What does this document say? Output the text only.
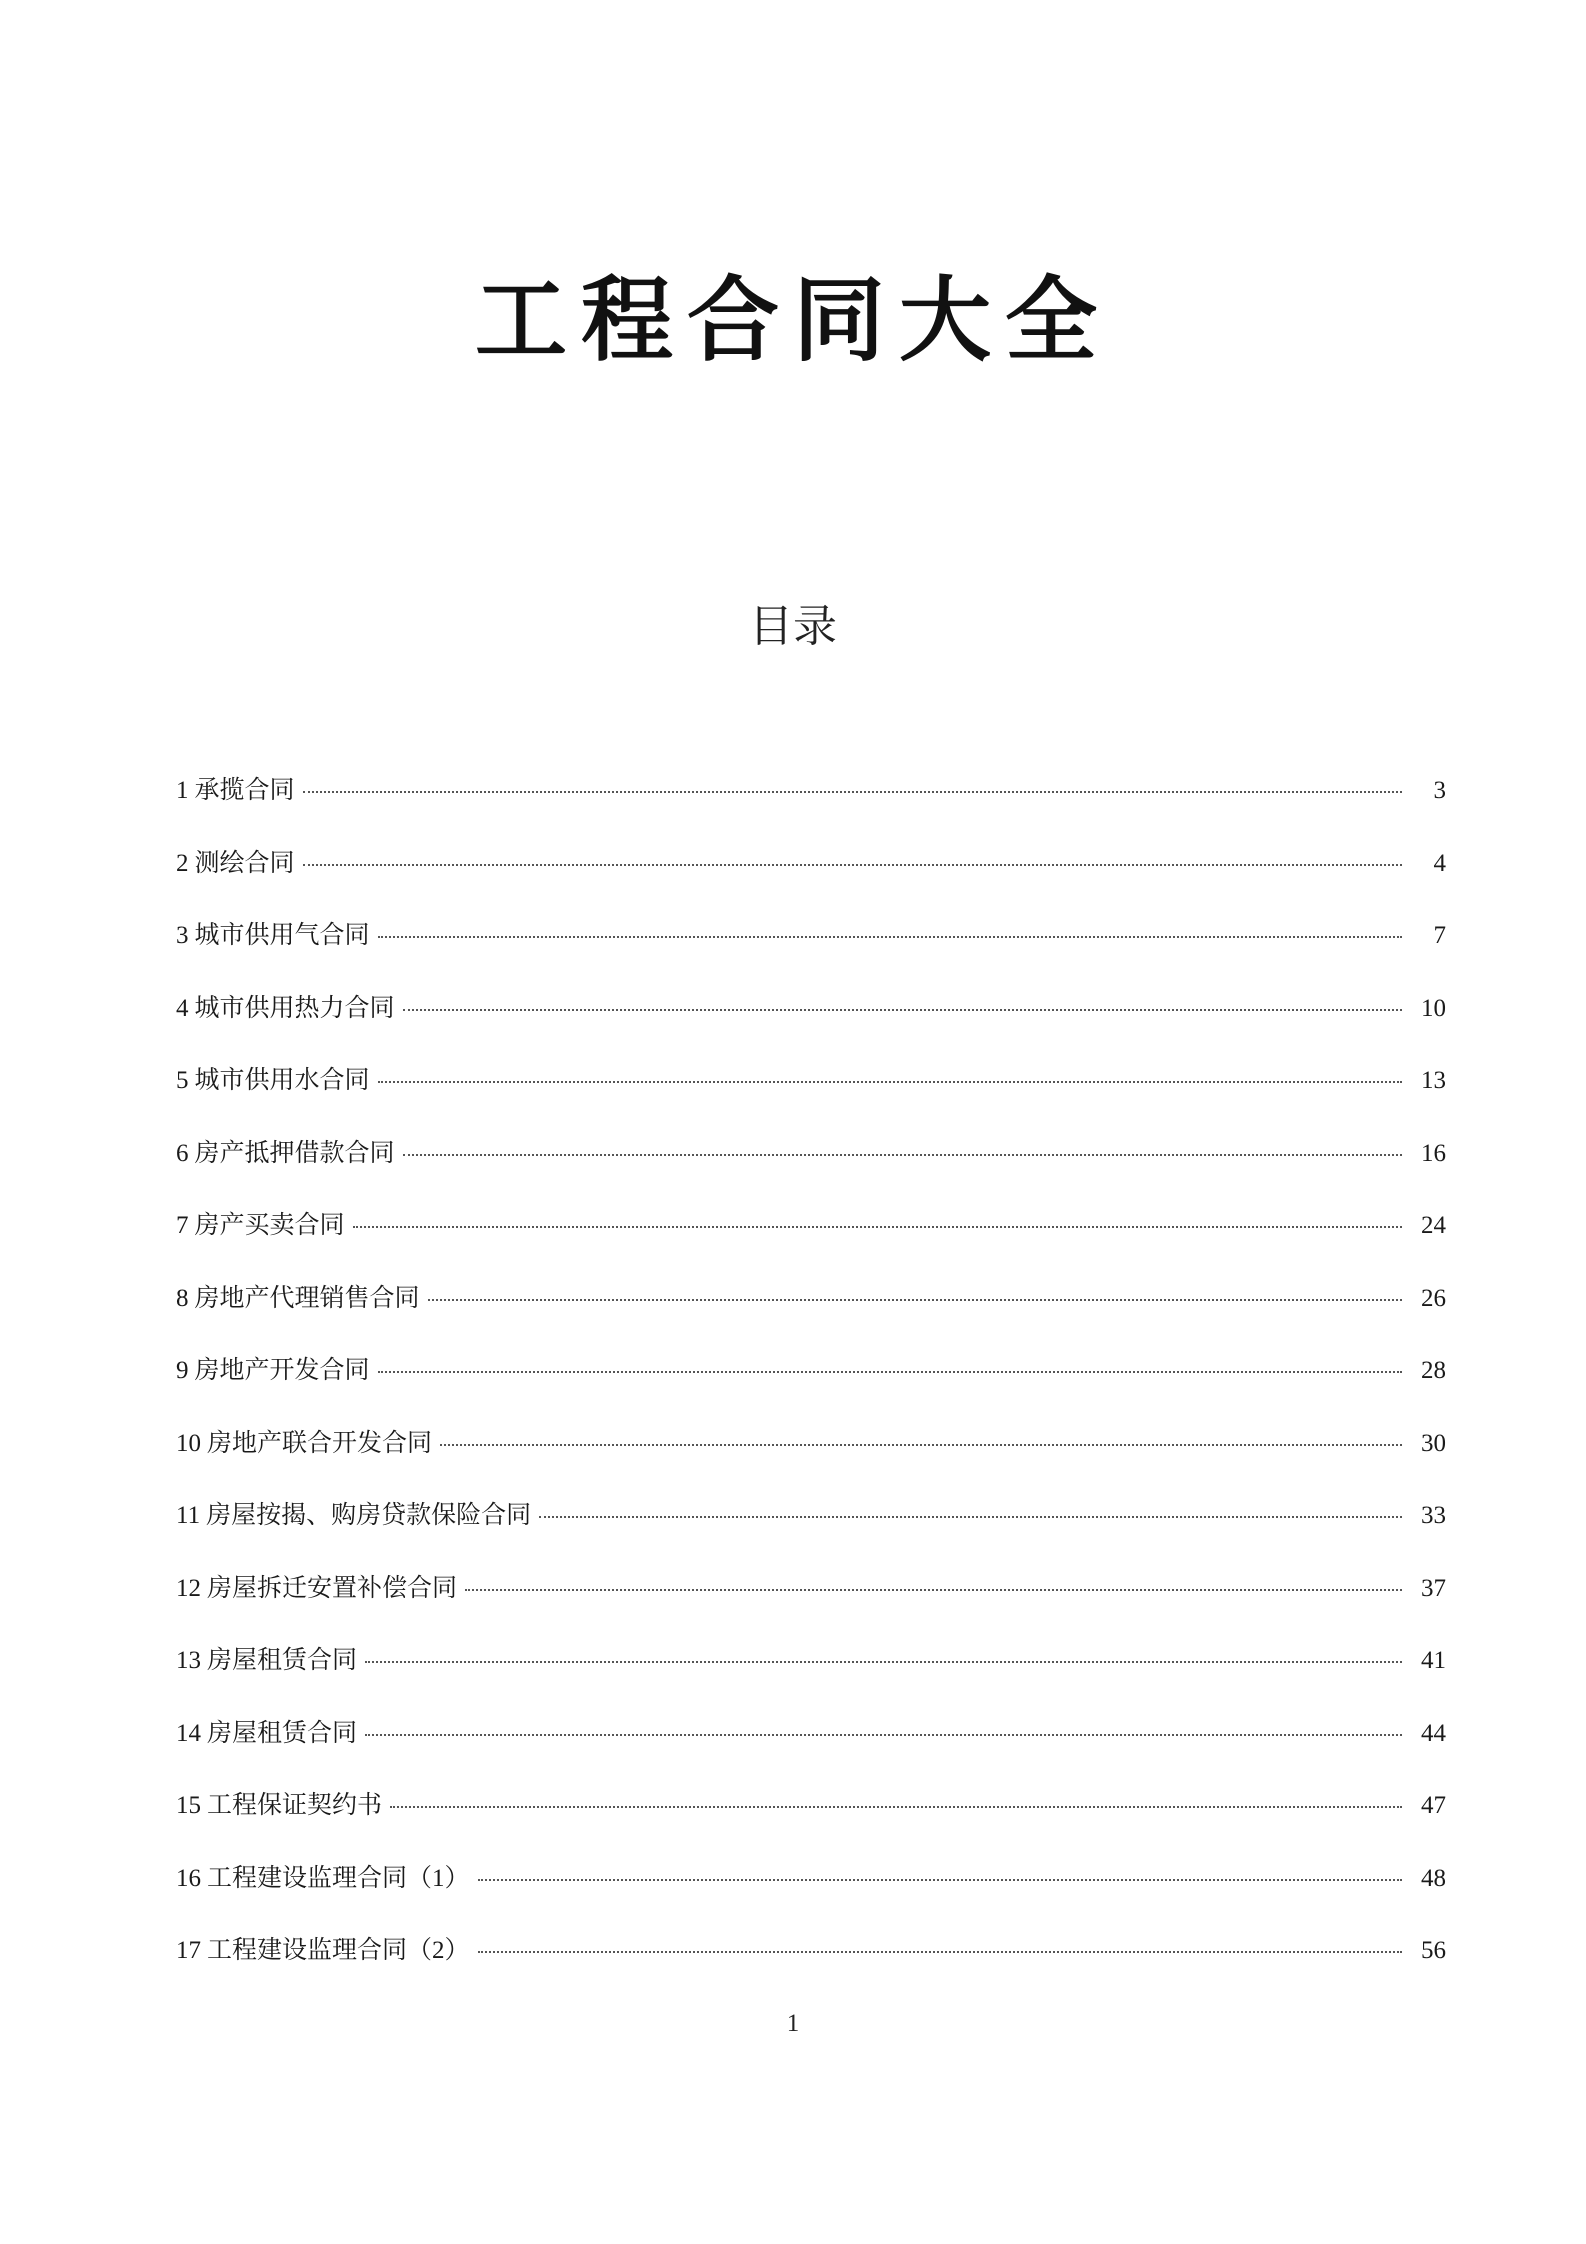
工程合同大全
目录
1 承揽合同	3
2 测绘合同	4
3 城市供用气合同	7
4 城市供用热力合同	10
5 城市供用水合同	13
6 房产抵押借款合同	16
7 房产买卖合同	24
8 房地产代理销售合同	26
9 房地产开发合同	28
10 房地产联合开发合同	30
11 房屋按揭、购房贷款保险合同	33
12 房屋拆迁安置补偿合同	37
13 房屋租赁合同	41
14 房屋租赁合同	44
15 工程保证契约书	47
16 工程建设监理合同（1）	48
17 工程建设监理合同（2）	56
1
